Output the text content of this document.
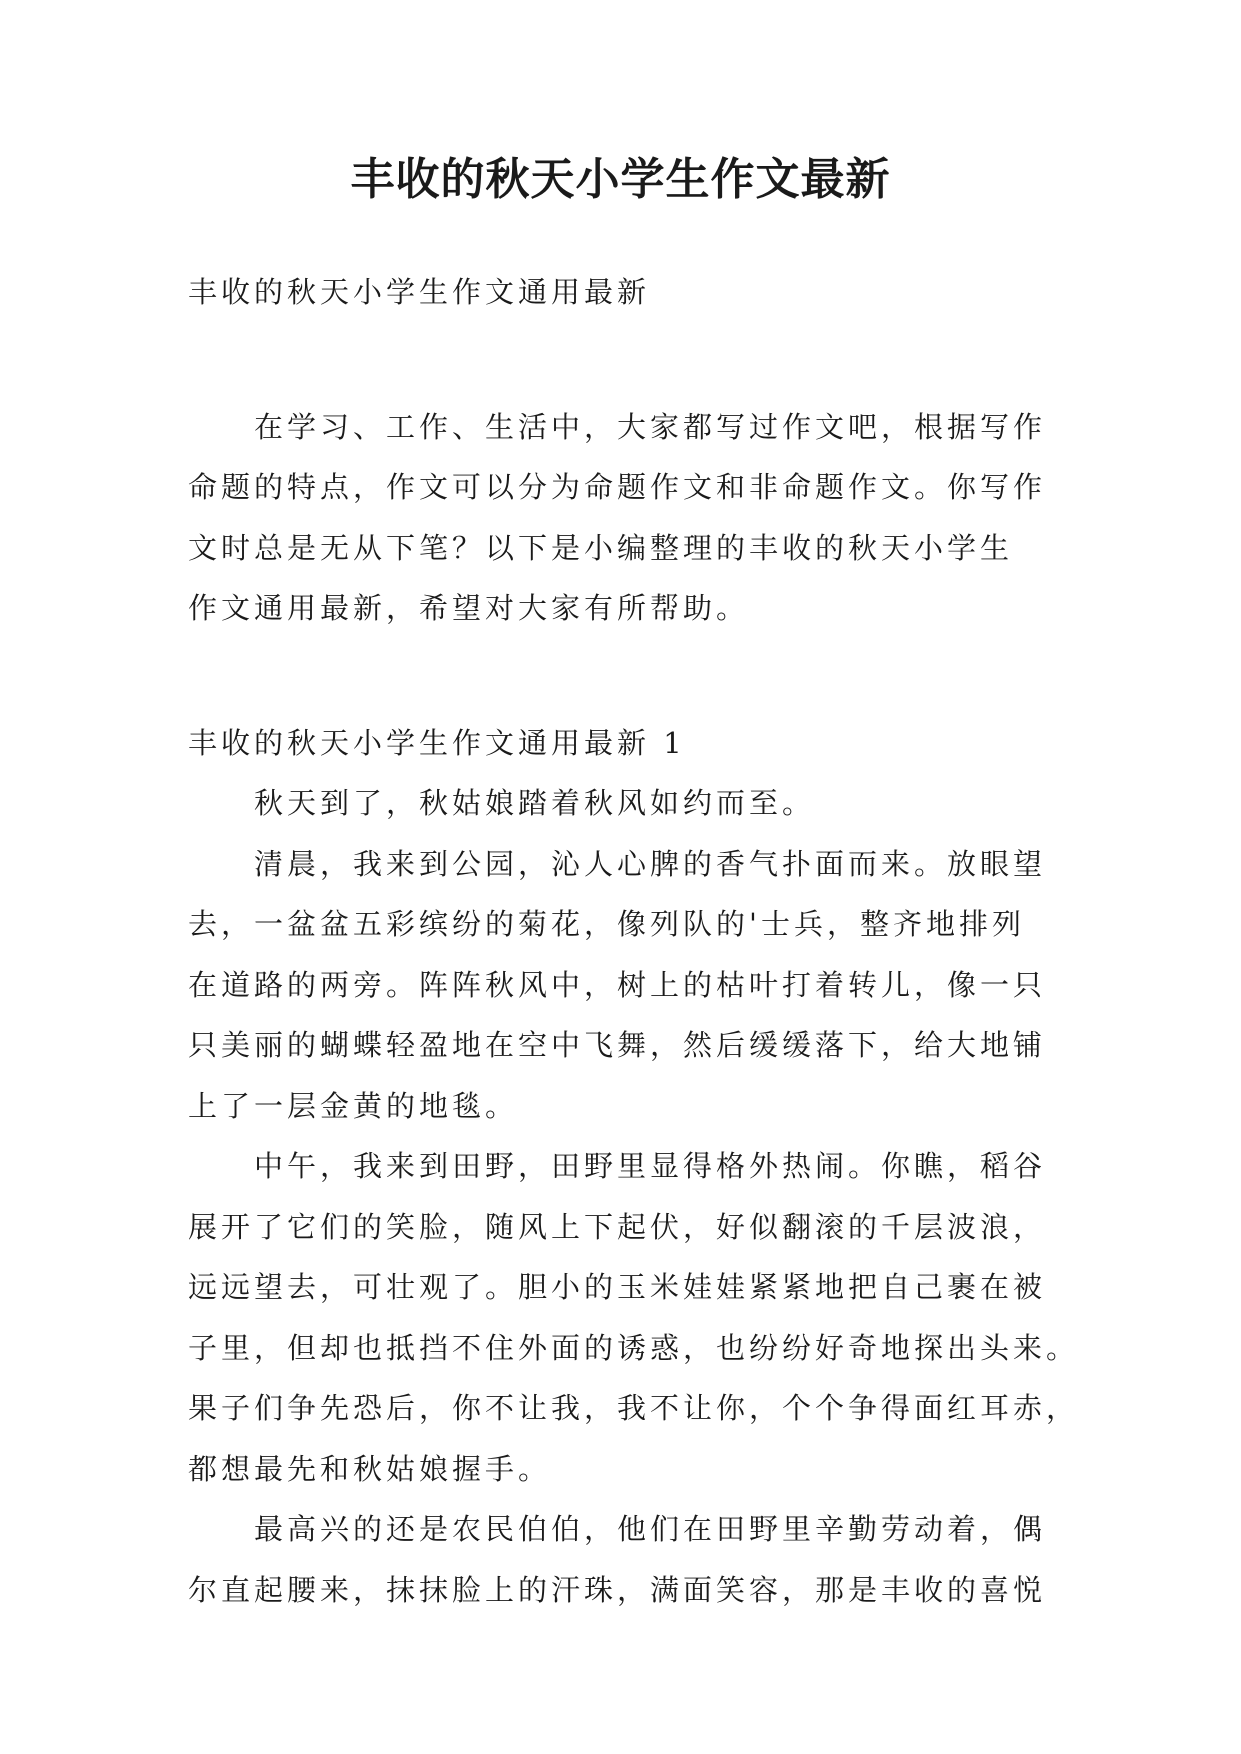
丰收的秋天小学生作文最新
丰收的秋天小学生作文通用最新
在学习、工作、生活中，大家都写过作文吧，根据写作
命题的特点，作文可以分为命题作文和非命题作文。你写作
文时总是无从下笔？以下是小编整理的丰收的秋天小学生
作文通用最新，希望对大家有所帮助。
丰收的秋天小学生作文通用最新 1
秋天到了，秋姑娘踏着秋风如约而至。
清晨，我来到公园，沁人心脾的香气扑面而来。放眼望
去，一盆盆五彩缤纷的菊花，像列队的'士兵，整齐地排列
在道路的两旁。阵阵秋风中，树上的枯叶打着转儿，像一只
只美丽的蝴蝶轻盈地在空中飞舞，然后缓缓落下，给大地铺
上了一层金黄的地毯。
中午，我来到田野，田野里显得格外热闹。你瞧，稻谷
展开了它们的笑脸，随风上下起伏，好似翻滚的千层波浪，
远远望去，可壮观了。胆小的玉米娃娃紧紧地把自己裹在被
子里，但却也抵挡不住外面的诱惑，也纷纷好奇地探出头来。
果子们争先恐后，你不让我，我不让你，个个争得面红耳赤，
都想最先和秋姑娘握手。
最高兴的还是农民伯伯，他们在田野里辛勤劳动着，偶
尔直起腰来，抹抹脸上的汗珠，满面笑容，那是丰收的喜悦
